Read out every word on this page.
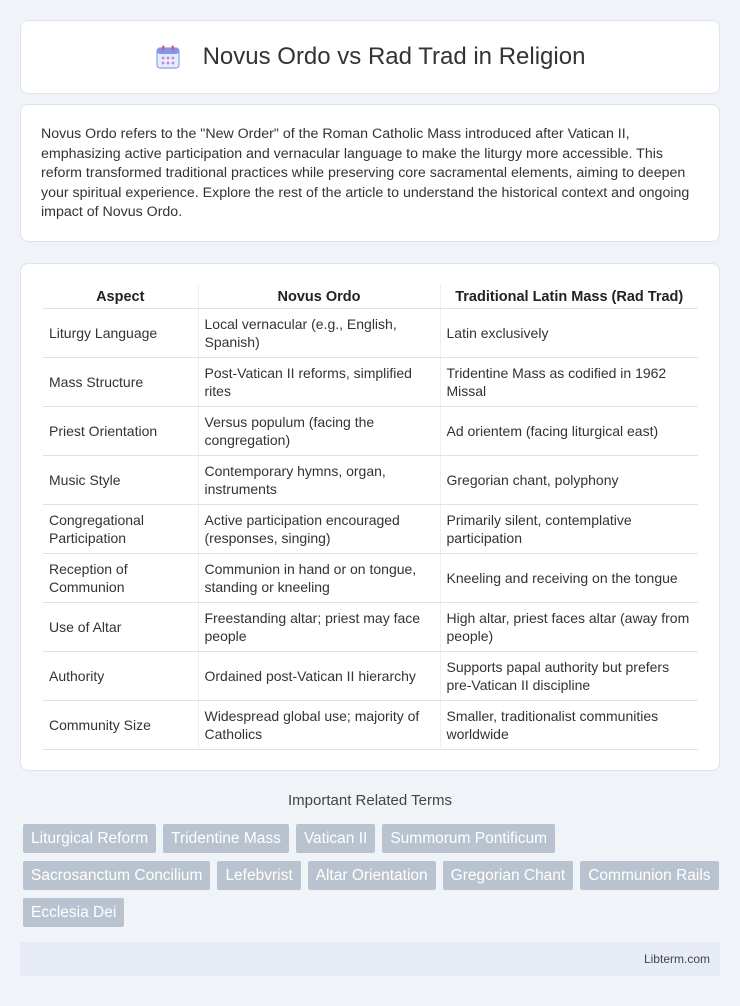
Novus Ordo vs Rad Trad in Religion

Novus Ordo refers to the "New Order" of the Roman Catholic Mass introduced after Vatican II, emphasizing active participation and vernacular language to make the liturgy more accessible. This reform transformed traditional practices while preserving core sacramental elements, aiming to deepen your spiritual experience. Explore the rest of the article to understand the historical context and ongoing impact of Novus Ordo.

Aspect	Novus Ordo	Traditional Latin Mass (Rad Trad)
Liturgy Language	Local vernacular (e.g., English, Spanish)	Latin exclusively
Mass Structure	Post-Vatican II reforms, simplified rites	Tridentine Mass as codified in 1962 Missal
Priest Orientation	Versus populum (facing the congregation)	Ad orientem (facing liturgical east)
Music Style	Contemporary hymns, organ, instruments	Gregorian chant, polyphony
Congregational Participation	Active participation encouraged (responses, singing)	Primarily silent, contemplative participation
Reception of Communion	Communion in hand or on tongue, standing or kneeling	Kneeling and receiving on the tongue
Use of Altar	Freestanding altar; priest may face people	High altar, priest faces altar (away from people)
Authority	Ordained post-Vatican II hierarchy	Supports papal authority but prefers pre-Vatican II discipline
Community Size	Widespread global use; majority of Catholics	Smaller, traditionalist communities worldwide
Important Related Terms
Liturgical Reform	Tridentine Mass	Vatican II	Summorum Pontificum
Sacrosanctum Concilium	Lefebvrist	Altar Orientation	Gregorian Chant	Communion Rails
Ecclesia Dei
Libterm.com
